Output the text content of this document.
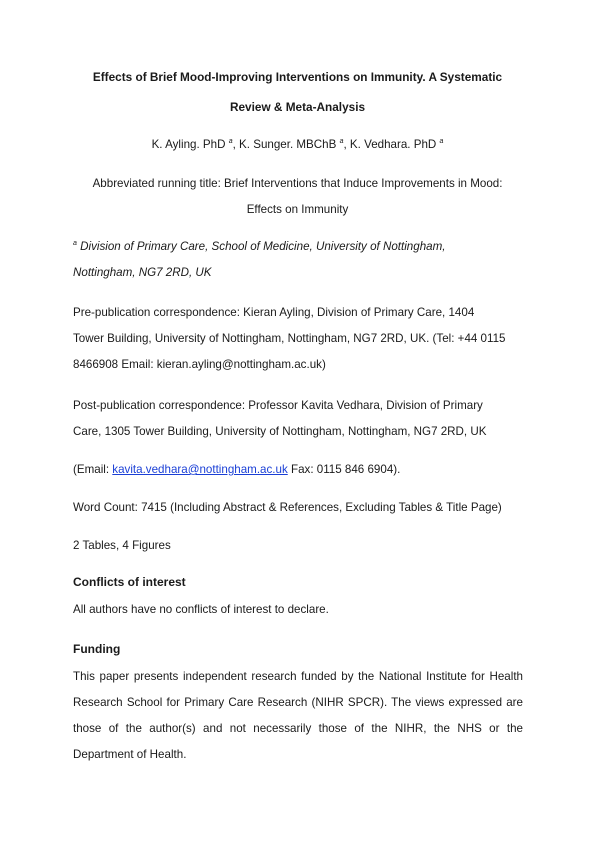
Effects of Brief Mood-Improving Interventions on Immunity. A Systematic
Review & Meta-Analysis
K. Ayling. PhD $^a$, K. Sunger. MBChB $^a$, K. Vedhara. PhD $^a$
Abbreviated running title: Brief Interventions that Induce Improvements in Mood:
Effects on Immunity
$^a$ Division of Primary Care, School of Medicine, University of Nottingham,
Nottingham, NG7 2RD, UK
Pre-publication correspondence: Kieran Ayling, Division of Primary Care, 1404
Tower Building, University of Nottingham, Nottingham, NG7 2RD, UK. (Tel: +44 0115
8466908 Email: kieran.ayling@nottingham.ac.uk)
Post-publication correspondence: Professor Kavita Vedhara, Division of Primary
Care, 1305 Tower Building, University of Nottingham, Nottingham, NG7 2RD, UK
(Email: kavita.vedhara@nottingham.ac.uk Fax: 0115 846 6904).
Word Count: 7415 (Including Abstract & References, Excluding Tables & Title Page)
2 Tables, 4 Figures
Conflicts of interest
All authors have no conflicts of interest to declare.
Funding
This paper presents independent research funded by the National Institute for Health
Research School for Primary Care Research (NIHR SPCR). The views expressed are
those of the author(s) and not necessarily those of the NIHR, the NHS or the
Department of Health.
